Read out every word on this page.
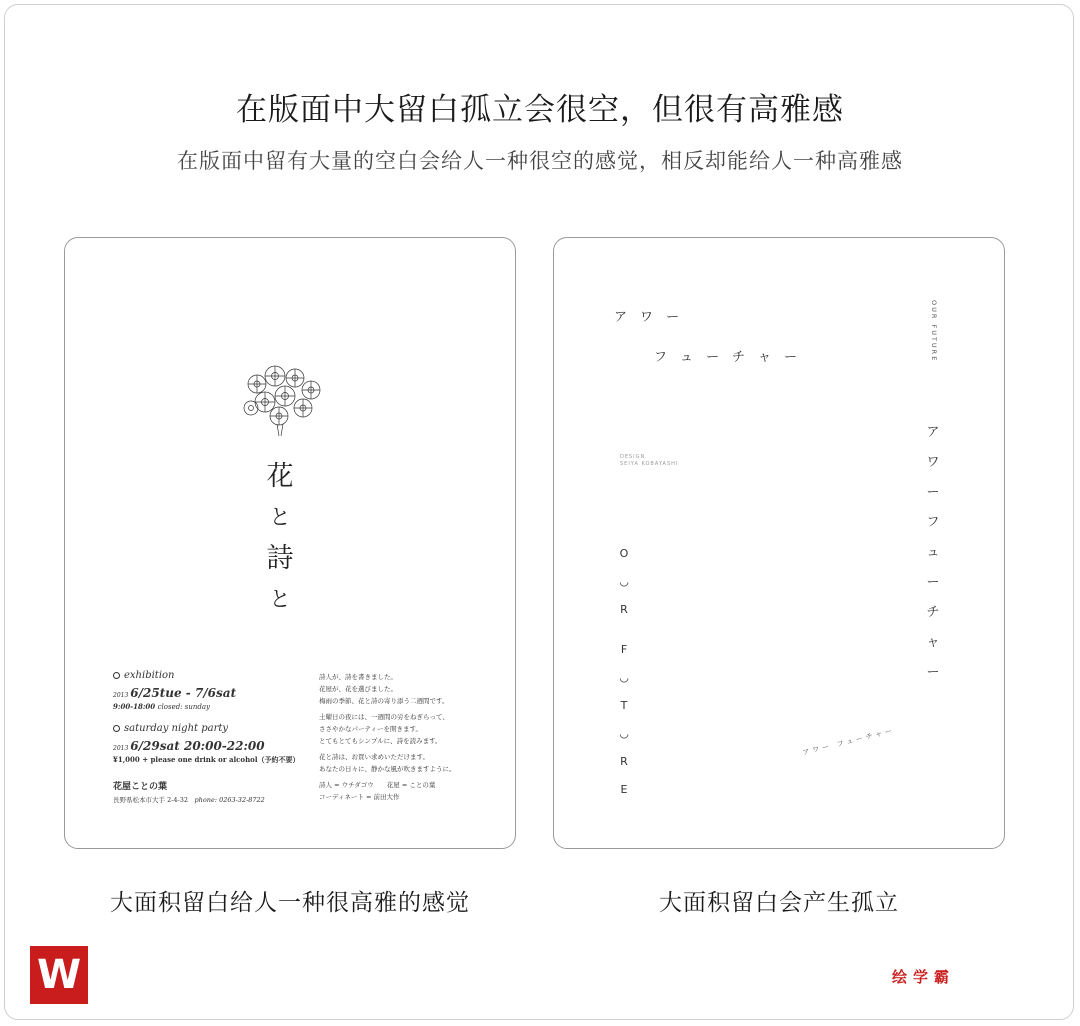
在版面中大留白孤立会很空，但很有高雅感
在版面中留有大量的空白会给人一种很空的感觉，相反却能给人一种高雅感
花
と
詩
と
exhibition
2013 6/25tue - 7/6sat
9:00-18:00 closed: sunday
saturday night party
2013 6/29sat 20:00-22:00
¥1,000 + please one drink or alcohol（予約不要）
花屋ことの葉
長野県松本市大手 2-4-32　 phone: 0263-32-8722

詩人が、詩を書きました。
花屋が、花を選びました。
梅雨の季節、花と詩の寄り添う二週間です。

土曜日の夜には、一週間の労をねぎらって、
ささやかなパーティーを開きます。
とてもとてもシンプルに、詩を読みます。

花と詩は、お買い求めいただけます。
あなたの日々に、静かな風が吹きますように。

詩人 = ウチダゴウ　　花屋 = ことの葉
コーディネート = 前田大作

ア　ワ　ー
フ　ュ　ー　チ　ャ　ー	OUR FUTURE
DESIGN
SEIYA KOBAYASHI
O
◡
R
F
◡
T
◡
R
E
ア
ワ
ー
フ
ュ
ー
チ
ャ
ー
アワー フューチャー
大面积留白给人一种很高雅的感觉	大面积留白会产生孤立
W	绘学霸
